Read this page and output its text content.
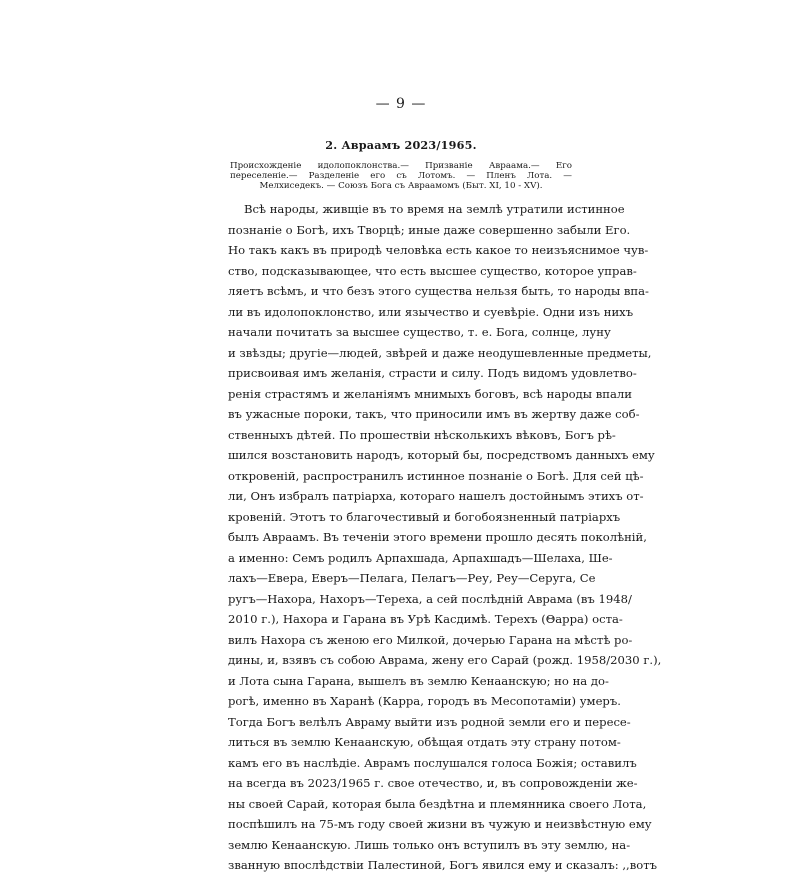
— 9 —
2. Авраамъ 2023/1965.
Происхожденіе идолопоклонства.— Призваніе Авраама.— Его переселеніе.— Разделеніе его съ Лотомъ. — Пленъ Лота. — Мелхиседекъ. — Союзъ Бога съ Авраамомъ (Быт. XI, 10 - XV).
Всѣ народы, живщіе въ то время на землѣ утратили истинное
познаніе о Богѣ, ихъ Творцѣ; иные даже совершенно забыли Его.
Но такъ какъ въ природѣ человѣка есть какое то неизъяснимое чув-
ство, подсказывающее, что есть высшее существо, которое управ-
ляетъ всѣмъ, и что безъ этого существа нельзя быть, то народы впа-
ли въ идолопоклонство, или язычество и суевѣріе. Одни изъ нихъ
начали почитать за высшее существо, т. е. Бога, солнце, луну
и звѣзды; другіе—людей, звѣрей и даже неодушевленные предметы,
присвоивая имъ желанія, страсти и силу. Подъ видомъ удовлетво-
ренія страстямъ и желаніямъ мнимыхъ боговъ, всѣ народы впали
въ ужасные пороки, такъ, что приносили имъ въ жертву даже соб-
ственныхъ дѣтей. По прошествіи нѣсколькихъ вѣковъ, Богъ рѣ-
шился возстановить народъ, который бы, посредствомъ данныхъ ему
откровеній, распространилъ истинное познаніе о Богѣ. Для сей цѣ-
ли, Онъ избралъ патріарха, котораго нашелъ достойнымъ этихъ от-
кровеній. Этотъ то благочестивый и богобоязненный патріархъ
былъ Авраамъ. Въ теченіи этого времени прошло десять поколѣній,
а именно: Семъ родилъ Арпахшада, Арпахшадъ—Шелаха, Ше-
лахъ—Евера, Еверъ—Пелага, Пелагъ—Рeу, Реу—Серуга, Се
ругъ—Нахора, Нахоръ—Тереха, а сей послѣдній Аврама (въ 1948/
2010 г.), Нахора и Гарана въ Урѣ Касдимѣ. Терехъ (Θарра) оста-
вилъ Нахора съ женою его Милкой, дочерью Гарана на мѣстѣ ро-
дины, и, взявъ съ собою Аврама, жену его Сарай (рожд. 1958/2030 г.),
и Лота сына Гарана, вышелъ въ землю Кенаанскую; но на до-
рогѣ, именно въ Харанѣ (Карра, городъ въ Месопотаміи) умеръ.
Тогда Богъ велѣлъ Авраму выйти изъ родной земли его и пересе-
литься въ землю Кенаанскую, обѣщая отдать эту страну потом-
камъ его въ наслѣдіе. Аврамъ послушался голоса Божія; оставилъ
на всегда въ 2023/1965 г. свое отечество, и, въ сопровожденіи же-
ны своей Сарай, которая была бездѣтна и племянника своего Лота,
поспѣшилъ на 75-мъ году своей жизни въ чужую и неизвѣстную ему
землю Кенаанскую. Лишь только онъ вступилъ въ эту землю, на-
званную впослѣдствіи Палестиной, Богъ явился ему и сказалъ: ,,вотъ
